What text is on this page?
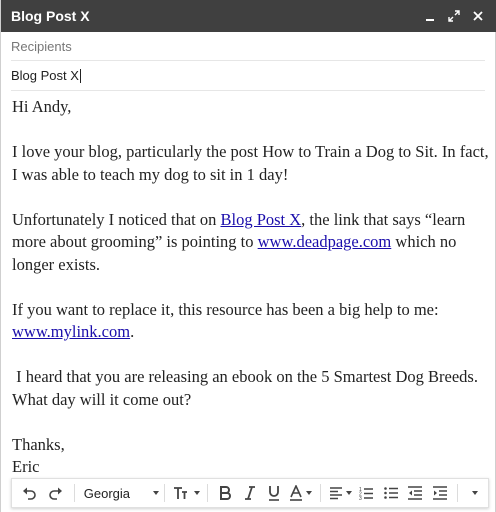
Blog Post X
Recipients
Blog Post X

Hi Andy,

I love your blog, particularly the post How to Train a Dog to Sit. In fact, I was able to teach my dog to sit in 1 day!

Unfortunately I noticed that on Blog Post X, the link that says “learn more about grooming” is pointing to www.deadpage.com which no longer exists.

If you want to replace it, this resource has been a big help to me: www.mylink.com.

I heard that you are releasing an ebook on the 5 Smartest Dog Breeds. What day will it come out?

Thanks,
Eric
Georgia	1
2
3
